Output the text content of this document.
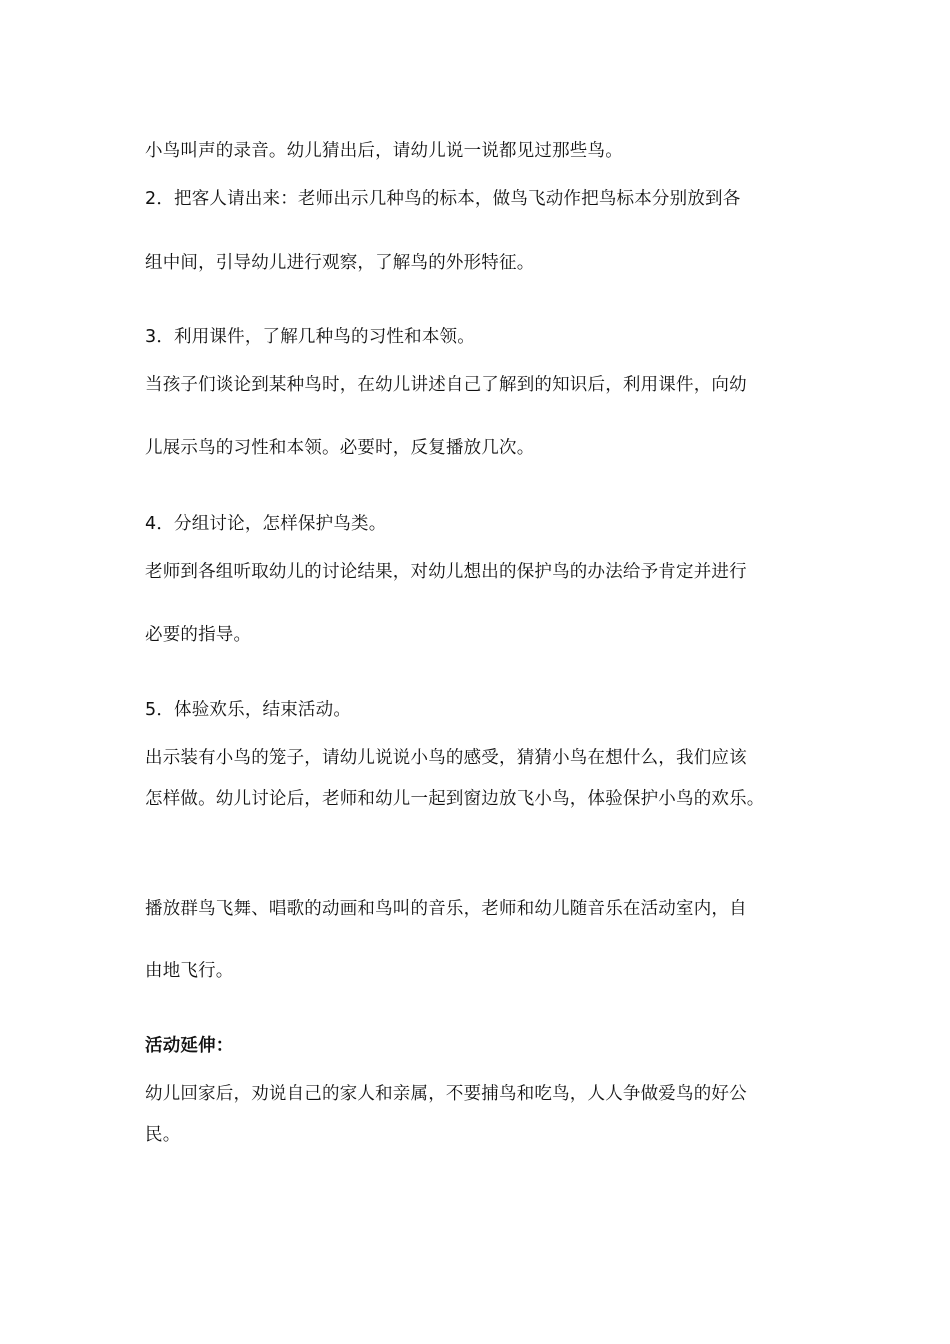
小鸟叫声的录音。幼儿猜出后，请幼儿说一说都见过那些鸟。
2．把客人请出来：老师出示几种鸟的标本，做鸟飞动作把鸟标本分别放到各
组中间，引导幼儿进行观察，了解鸟的外形特征。
3．利用课件，了解几种鸟的习性和本领。
当孩子们谈论到某种鸟时，在幼儿讲述自己了解到的知识后，利用课件，向幼
儿展示鸟的习性和本领。必要时，反复播放几次。
4．分组讨论，怎样保护鸟类。
老师到各组听取幼儿的讨论结果，对幼儿想出的保护鸟的办法给予肯定并进行
必要的指导。
5．体验欢乐，结束活动。
出示装有小鸟的笼子，请幼儿说说小鸟的感受，猜猜小鸟在想什么，我们应该
怎样做。幼儿讨论后，老师和幼儿一起到窗边放飞小鸟，体验保护小鸟的欢乐。
播放群鸟飞舞、唱歌的动画和鸟叫的音乐，老师和幼儿随音乐在活动室内，自
由地飞行。
活动延伸：
幼儿回家后，劝说自己的家人和亲属，不要捕鸟和吃鸟，人人争做爱鸟的好公
民。
